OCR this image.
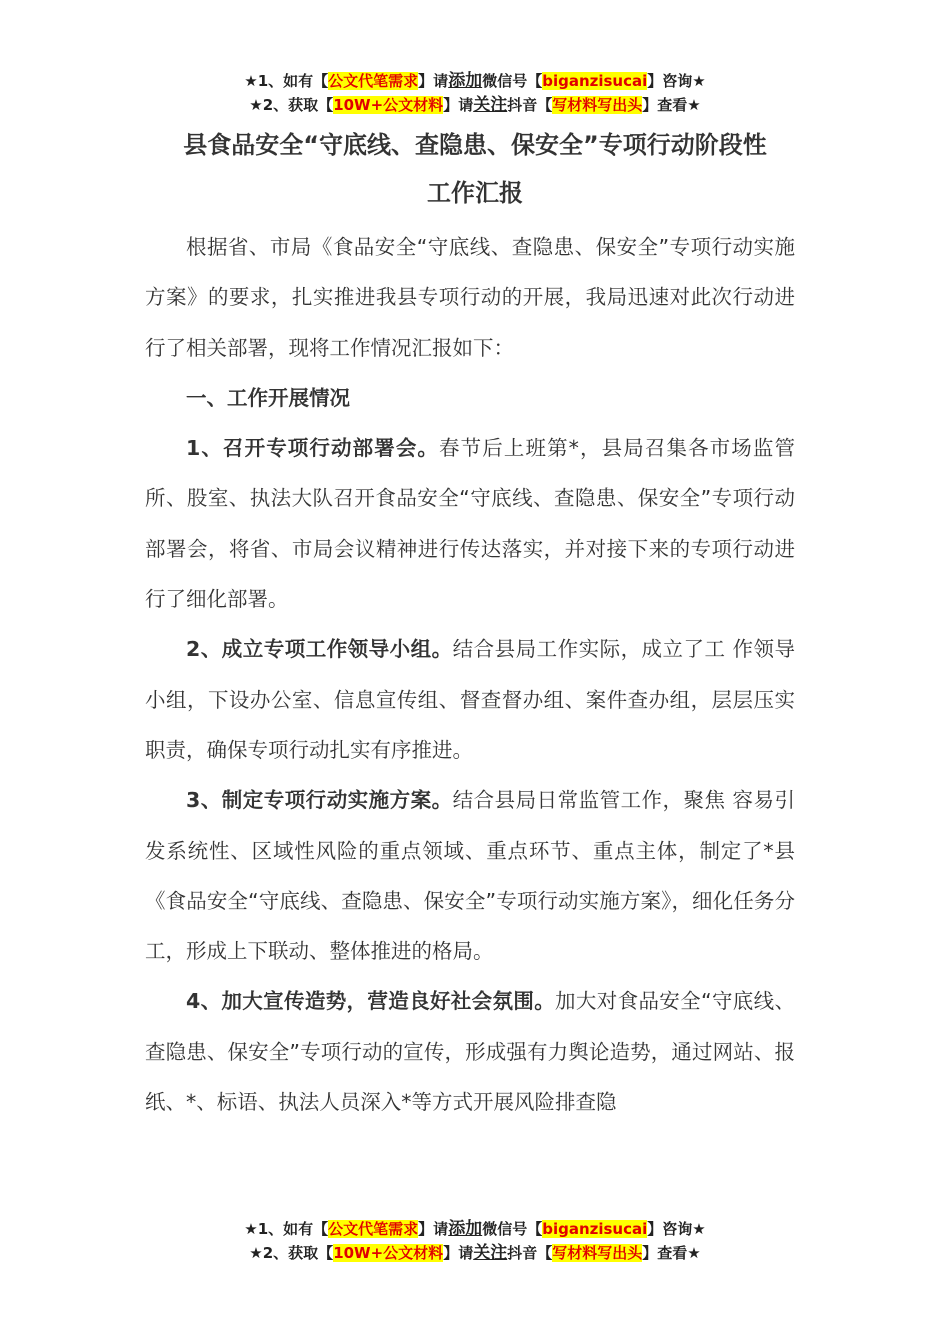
★1、如有【公文代笔需求】请添加微信号【biganzisucai】咨询★
★2、获取【10W+公文材料】请关注抖音【写材料写出头】查看★
县食品安全“守底线、查隐患、保安全”专项行动阶段性
工作汇报

根据省、市局《食品安全“守底线、查隐患、保安全”专项行动实施方案》的要求，扎实推进我县专项行动的开展，我局迅速对此次行动进行了相关部署，现将工作情况汇报如下：

一、工作开展情况

1、召开专项行动部署会。春节后上班第*，县局召集各市场监管所、股室、执法大队召开食品安全“守底线、查隐患、保安全”专项行动部署会，将省、市局会议精神进行传达落实，并对接下来的专项行动进行了细化部署。

2、成立专项工作领导小组。结合县局工作实际，成立了工 作领导小组，下设办公室、信息宣传组、督查督办组、案件查办组，层层压实职责，确保专项行动扎实有序推进。

3、制定专项行动实施方案。结合县局日常监管工作，聚焦 容易引发系统性、区域性风险的重点领域、重点环节、重点主体，制定了*县《食品安全“守底线、查隐患、保安全”专项行动实施方案》，细化任务分工，形成上下联动、整体推进的格局。

4、加大宣传造势，营造良好社会氛围。加大对食品安全“守底线、查隐患、保安全”专项行动的宣传，形成强有力舆论造势，通过网站、报纸、*、标语、执法人员深入*等方式开展风险排查隐

★1、如有【公文代笔需求】请添加微信号【biganzisucai】咨询★
★2、获取【10W+公文材料】请关注抖音【写材料写出头】查看★
